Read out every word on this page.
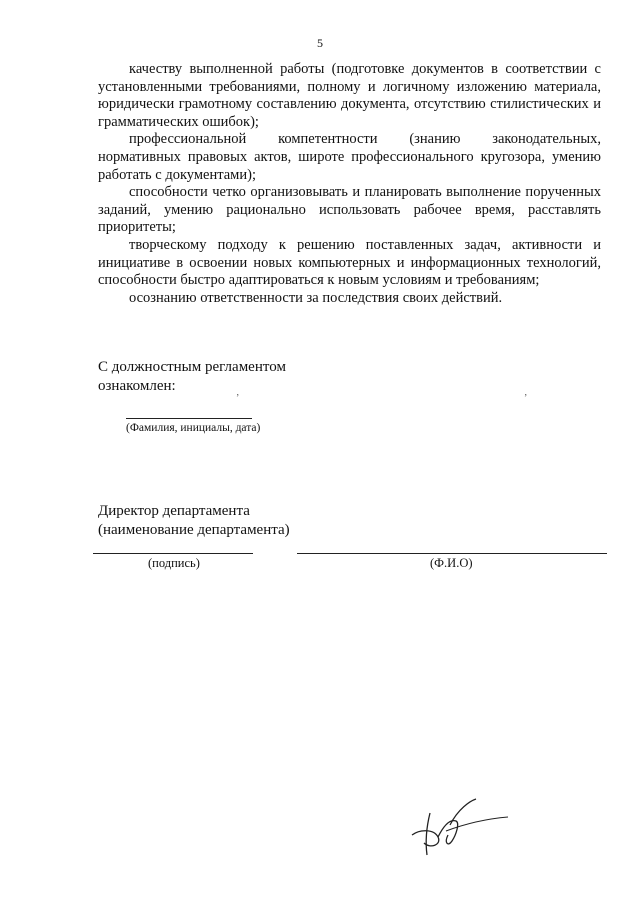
5

качеству выполненной работы (подготовке документов в соответствии с установленными требованиями, полному и логичному изложению материала, юридически грамотному составлению документа, отсутствию стилистических и грамматических ошибок);

профессиональной компетентности (знанию законодательных, нормативных правовых актов, широте профессионального кругозора, умению работать с документами);

способности четко организовывать и планировать выполнение порученных заданий, умению рационально использовать рабочее время, расставлять приоритеты;

творческому подходу к решению поставленных задач, активности и инициативе в освоении новых компьютерных и информационных технологий, способности быстро адаптироваться к новым условиям и требованиям;

осознанию ответственности за последствия своих действий.

С должностным регламентом
ознакомлен:
ʼ	ʼ
(Фамилия, инициалы, дата)
Директор департамента
(наименование департамента)
(подпись)	(Ф.И.О)
